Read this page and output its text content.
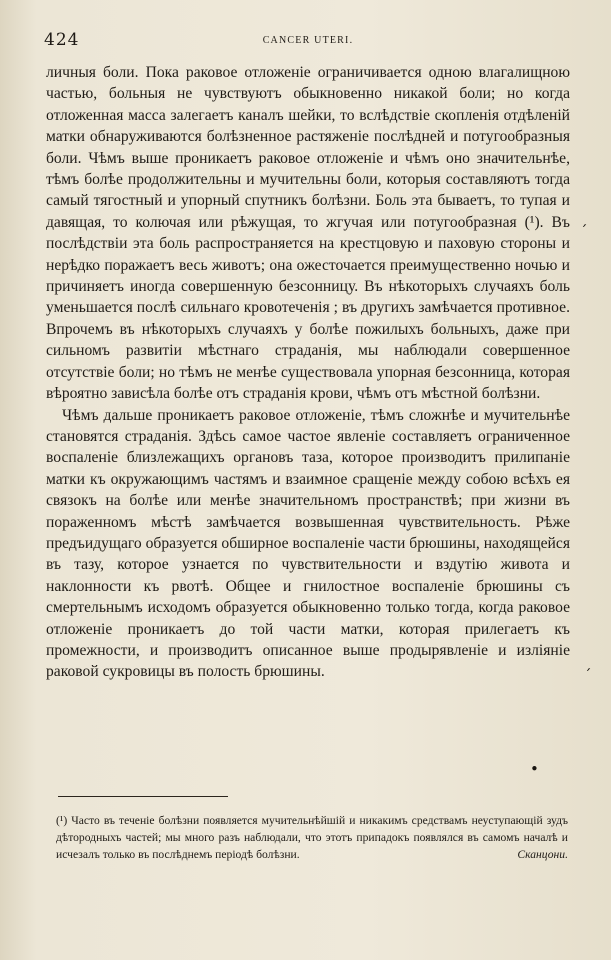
424	CANCER UTERI.

личныя боли. Пока раковое отложенiе ограничивается одною влагалищною частью, больныя не чувствуютъ обыкновенно никакой боли; но когда отложенная масса залегаетъ каналъ шейки, то вслѣдствiе скопленiя отдѣленiй матки обнаруживаются болѣзненное растяженiе послѣдней и потугообразныя боли. Чѣмъ выше проникаетъ раковое отложенiе и чѣмъ оно значительнѣе, тѣмъ болѣе продолжительны и мучительны боли, которыя составляютъ тогда самый тягостный и упорный спутникъ болѣзни. Боль эта бываетъ, то тупая и давящая, то колючая или рѣжущая, то жгучая или потугообразная (¹). Въ послѣдствiи эта боль распространяется на крестцовую и паховую стороны и нерѣдко поражаетъ весь животъ; она ожесточается преимущественно ночью и причиняетъ иногда совершенную безсонницу. Въ нѣкоторыхъ случаяхъ боль уменьшается послѣ сильнаго кровотеченiя ; въ другихъ замѣчается противное. Впрочемъ въ нѣкоторыхъ случаяхъ у болѣе пожилыхъ больныхъ, даже при сильномъ развитiи мѣстнаго страданiя, мы наблюдали совершенное отсутствiе боли; но тѣмъ не менѣе существовала упорная безсонница, которая вѣроятно зависѣла болѣе отъ страданiя крови, чѣмъ отъ мѣстной болѣзни.

Чѣмъ дальше проникаетъ раковое отложенiе, тѣмъ сложнѣе и мучительнѣе становятся страданiя. Здѣсь самое частое явленiе составляетъ ограниченное воспаленiе близлежащихъ органовъ таза, которое производитъ прилипанiе матки къ окружающимъ частямъ и взаимное сращенiе между собою всѣхъ ея связокъ на болѣе или менѣе значительномъ пространствѣ; при жизни въ пораженномъ мѣстѣ замѣчается возвышенная чувствительность. Рѣже предъидущаго образуется обширное воспаленiе части брюшины, находящейся въ тазу, которое узнается по чувствительности и вздутiю живота и наклонности къ рвотѣ. Общее и гнилостное воспаленiе брюшины съ смертельнымъ исходомъ образуется обыкновенно только тогда, когда раковое отложенiе проникаетъ до той части матки, которая прилегаетъ къ промежности, и производитъ описанное выше продырявленiе и излiянiе раковой сукровицы въ полость брюшины.

(¹) Часто въ теченiе болѣзни появляется мучительнѣйшiй и никакимъ средствамъ неуступающiй зудъ дѣтородныхъ частей; мы много разъ наблюдали, что этотъ припадокъ появлялся въ самомъ началѣ и исчезалъ только въ послѣднемъ перiодѣ болѣзни.	Сканцони.
ˊ
ˊ
•
